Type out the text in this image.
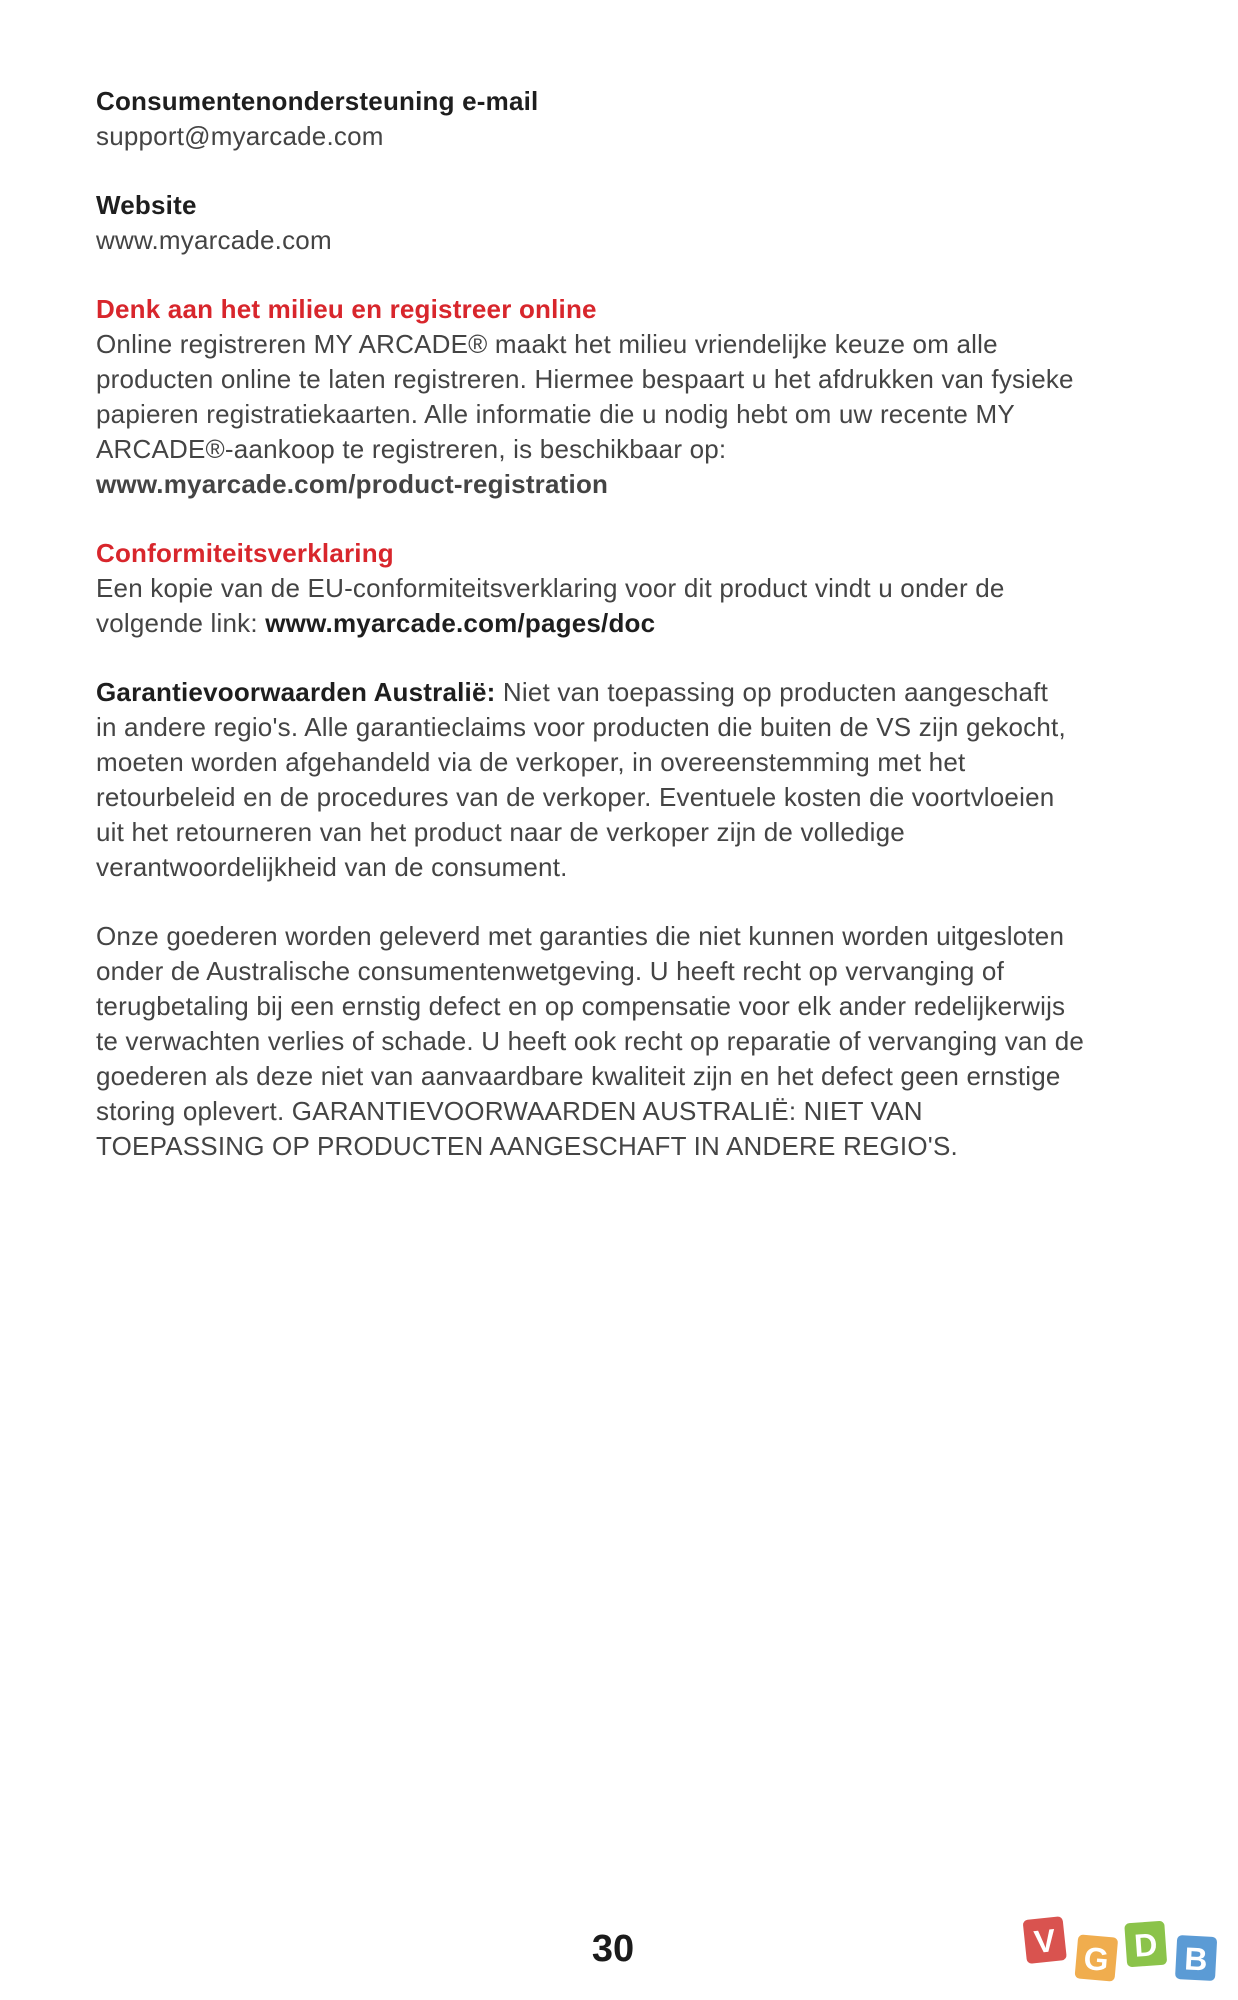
Consumentenondersteuning e-mail
support@myarcade.com
Website
www.myarcade.com
Denk aan het milieu en registreer online
Online registreren MY ARCADE® maakt het milieu vriendelijke keuze om alle
producten online te laten registreren. Hiermee bespaart u het afdrukken van fysieke
papieren registratiekaarten. Alle informatie die u nodig hebt om uw recente MY
ARCADE®-aankoop te registreren, is beschikbaar op:
www.myarcade.com/product-registration
Conformiteitsverklaring
Een kopie van de EU-conformiteitsverklaring voor dit product vindt u onder de
volgende link: www.myarcade.com/pages/doc
Garantievoorwaarden Australië: Niet van toepassing op producten aangeschaft
in andere regio's. Alle garantieclaims voor producten die buiten de VS zijn gekocht,
moeten worden afgehandeld via de verkoper, in overeenstemming met het
retourbeleid en de procedures van de verkoper. Eventuele kosten die voortvloeien
uit het retourneren van het product naar de verkoper zijn de volledige
verantwoordelijkheid van de consument.
Onze goederen worden geleverd met garanties die niet kunnen worden uitgesloten
onder de Australische consumentenwetgeving. U heeft recht op vervanging of
terugbetaling bij een ernstig defect en op compensatie voor elk ander redelijkerwijs
te verwachten verlies of schade. U heeft ook recht op reparatie of vervanging van de
goederen als deze niet van aanvaardbare kwaliteit zijn en het defect geen ernstige
storing oplevert. GARANTIEVOORWAARDEN AUSTRALIË: NIET VAN
TOEPASSING OP PRODUCTEN AANGESCHAFT IN ANDERE REGIO'S.
30	V G D B
